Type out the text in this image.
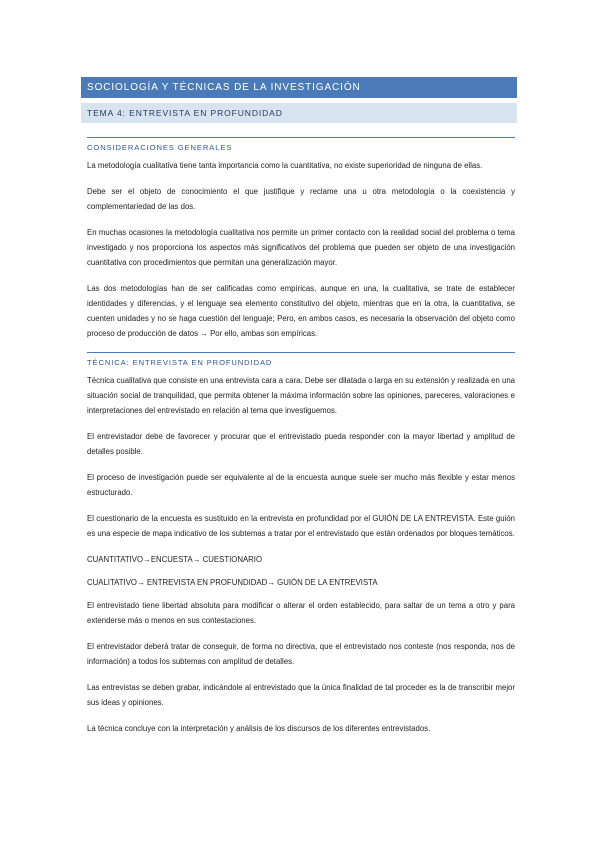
SOCIOLOGÍA Y TÉCNICAS DE LA INVESTIGACIÓN
TEMA 4: ENTREVISTA EN PROFUNDIDAD
CONSIDERACIONES GENERALES

La metodología cualitativa tiene tanta importancia como la cuantitativa, no existe superioridad de ninguna de ellas.

Debe ser el objeto de conocimiento el que justifique y reclame una u otra metodología o la coexistencia y complementariedad de las dos.

En muchas ocasiones la metodología cualitativa nos permite un primer contacto con la realidad social del problema o tema investigado y nos proporciona los aspectos más significativos del problema que pueden ser objeto de una investigación cuantitativa con procedimientos que permitan una generalización mayor.

Las dos metodologías han de ser calificadas como empíricas, aunque en una, la cualitativa, se trate de establecer identidades y diferencias, y el lenguaje sea elemento constitutivo del objeto, mientras que en la otra, la cuantitativa, se cuenten unidades y no se haga cuestión del lenguaje; Pero, en ambos casos, es necesaria la observación del objeto como proceso de producción de datos → Por ello, ambas son empíricas.

TÉCNICA: ENTREVISTA EN PROFUNDIDAD

Técnica cualitativa que consiste en una entrevista cara a cara. Debe ser dilatada o larga en su extensión y realizada en una situación social de tranquilidad, que permita obtener la máxima información sobre las opiniones, pareceres, valoraciones e interpretaciones del entrevistado en relación al tema que investiguemos.

El entrevistador debe de favorecer y procurar que el entrevistado pueda responder con la mayor libertad y amplitud de detalles posible.

El proceso de investigación puede ser equivalente al de la encuesta aunque suele ser mucho más flexible y estar menos estructurado.

El cuestionario de la encuesta es sustituido en la entrevista en profundidad por el GUIÓN DE LA ENTREVISTA. Este guión es una especie de mapa indicativo de los subtemas a tratar por el entrevistado que están ordenados por bloques temáticos.

CUANTITATIVO→ENCUESTA→ CUESTIONARIO

CUALITATIVO→ ENTREVISTA EN PROFUNDIDAD→ GUIÓN DE LA ENTREVISTA

El entrevistado tiene libertad absoluta para modificar o alterar el orden establecido, para saltar de un tema a otro y para extenderse más o menos en sus contestaciones.

El entrevistador deberá tratar de conseguir, de forma no directiva, que el entrevistado nos conteste (nos responda, nos de información) a todos los subtemas con amplitud de detalles.

Las entrevistas se deben grabar, indicándole al entrevistado que la única finalidad de tal proceder es la de transcribir mejor sus ideas y opiniones.

La técnica concluye con la interpretación y análisis de los discursos de los diferentes entrevistados.
